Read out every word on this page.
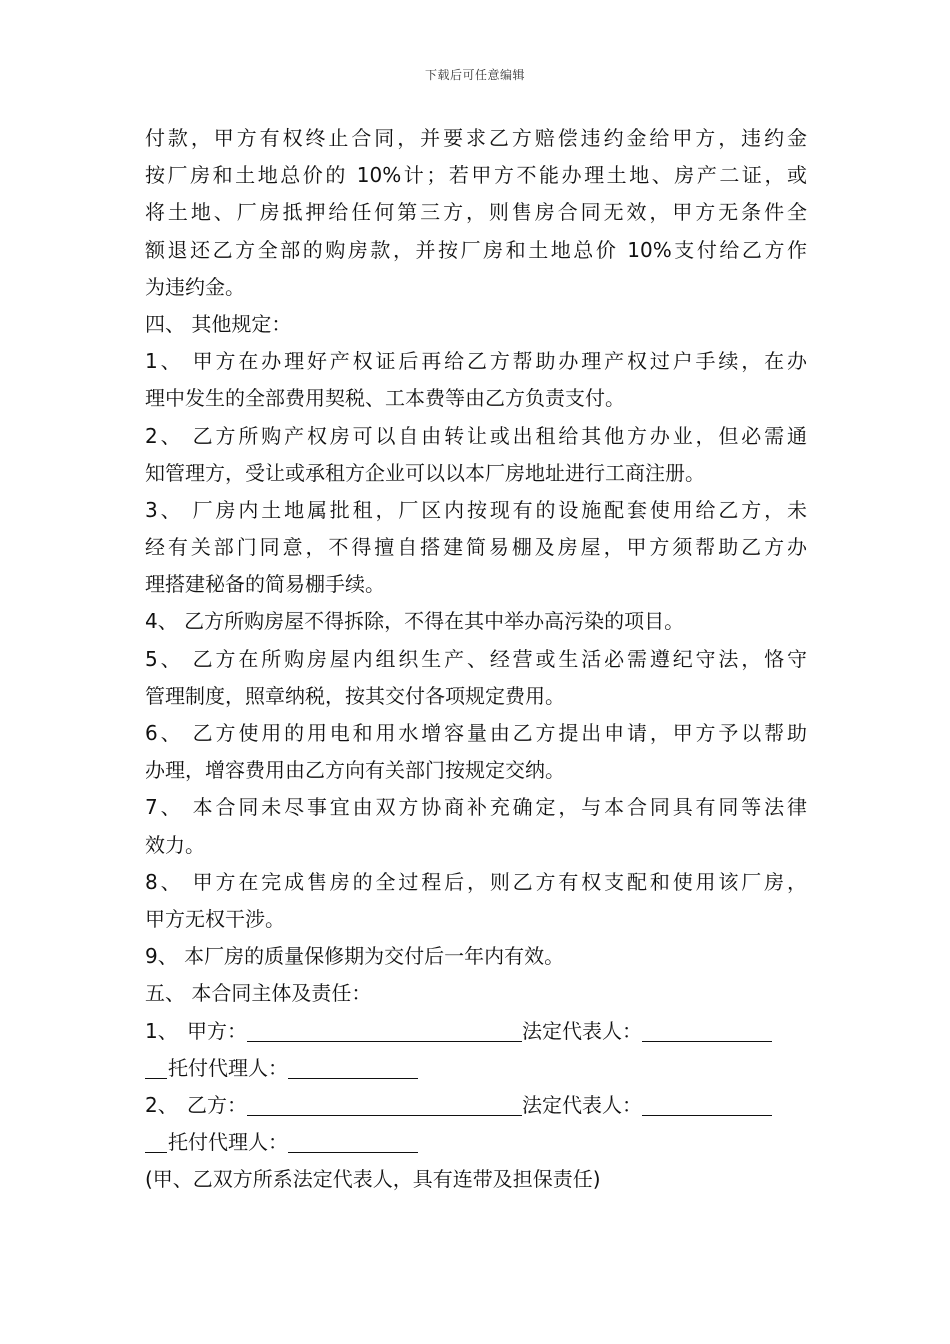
下载后可任意编辑
付款，甲方有权终止合同，并要求乙方赔偿违约金给甲方，违约金
按厂房和土地总价的 10%计；若甲方不能办理土地、房产二证，或
将土地、厂房抵押给任何第三方，则售房合同无效，甲方无条件全
额退还乙方全部的购房款，并按厂房和土地总价 10%支付给乙方作
为违约金。
四、 其他规定：
1、 甲方在办理好产权证后再给乙方帮助办理产权过户手续，在办
理中发生的全部费用契税、工本费等由乙方负责支付。
2、 乙方所购产权房可以自由转让或出租给其他方办业，但必需通
知管理方，受让或承租方企业可以以本厂房地址进行工商注册。
3、 厂房内土地属批租，厂区内按现有的设施配套使用给乙方，未
经有关部门同意，不得擅自搭建简易棚及房屋，甲方须帮助乙方办
理搭建秘备的简易棚手续。
4、 乙方所购房屋不得拆除，不得在其中举办高污染的项目。
5、 乙方在所购房屋内组织生产、经营或生活必需遵纪守法，恪守
管理制度，照章纳税，按其交付各项规定费用。
6、 乙方使用的用电和用水增容量由乙方提出申请，甲方予以帮助
办理，增容费用由乙方向有关部门按规定交纳。
7、 本合同未尽事宜由双方协商补充确定，与本合同具有同等法律
效力。
8、 甲方在完成售房的全过程后，则乙方有权支配和使用该厂房，
甲方无权干涉。
9、 本厂房的质量保修期为交付后一年内有效。
五、 本合同主体及责任：
1、 甲方：	法定代表人：
托付代理人：
2、 乙方：	法定代表人：
托付代理人：
(甲、乙双方所系法定代表人，具有连带及担保责任)
